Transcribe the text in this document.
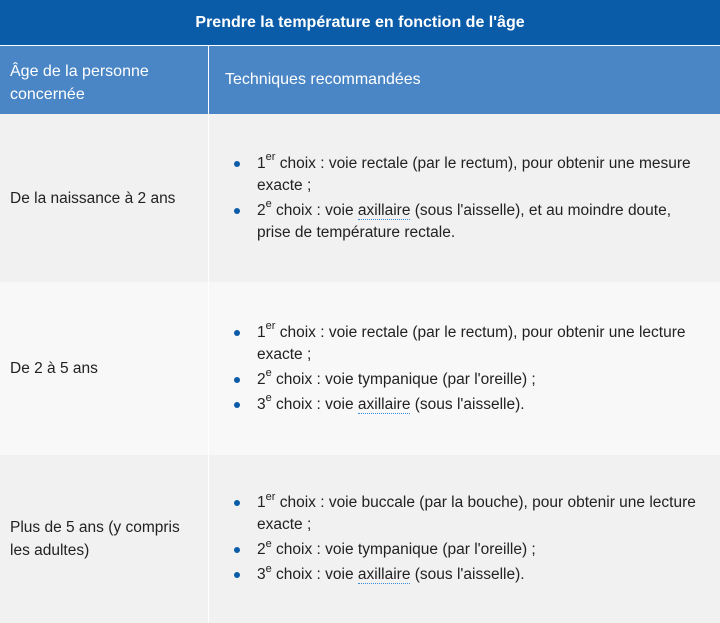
Prendre la température en fonction de l'âge
Âge de la personne concernée
Techniques recommandées
De la naissance à 2 ans
1er choix : voie rectale (par le rectum), pour obtenir une mesure exacte ;
2e choix : voie axillaire (sous l'aisselle), et au moindre doute, prise de température rectale.
De 2 à 5 ans
1er choix : voie rectale (par le rectum), pour obtenir une lecture exacte ;
2e choix : voie tympanique (par l'oreille) ;
3e choix : voie axillaire (sous l'aisselle).
Plus de 5 ans (y compris les adultes)
1er choix : voie buccale (par la bouche), pour obtenir une lecture exacte ;
2e choix : voie tympanique (par l'oreille) ;
3e choix : voie axillaire (sous l'aisselle).
